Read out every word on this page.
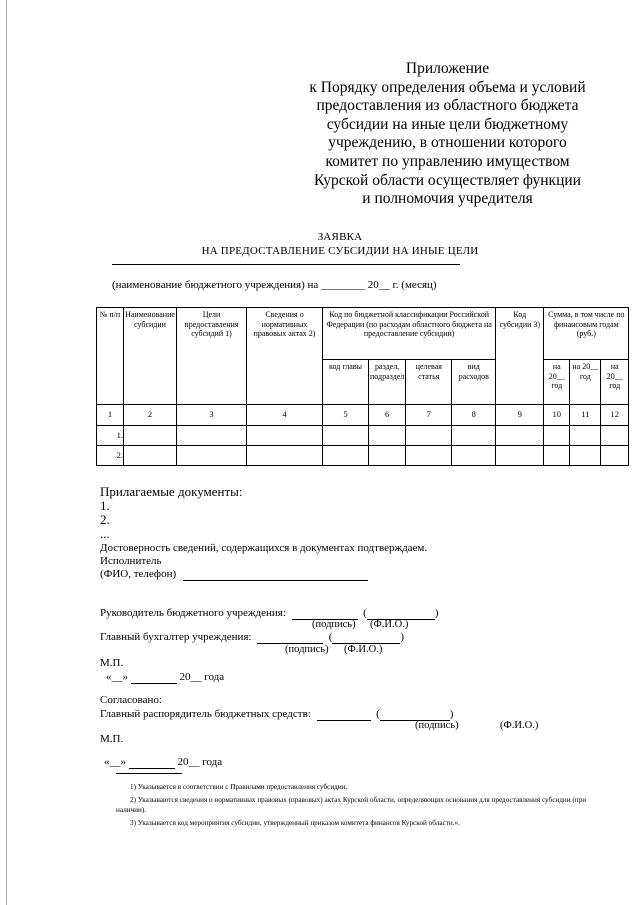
Приложение
к Порядку определения объема и условий
предоставления из областного бюджета
субсидии на иные цели бюджетному
учреждению, в отношении которого
комитет по управлению имуществом
Курской области осуществляет функции
и полномочия учредителя
ЗАЯВКА
НА ПРЕДОСТАВЛЕНИЕ СУБСИДИИ НА ИНЫЕ ЦЕЛИ
(наименование бюджетного учреждения) на ________ 20__ г. (месяц)
№ п/п	Наименование субсидии	Цели предоставления субсидий 1)	Сведения о нормативных правовых актах 2)	Код по бюджетной классификации Российской Федерации (по расходам областного бюджета на предоставление субсидии)				Код субсидии 3)	Сумма, в том числе по финансовым годам (руб.)		
				код главы	раздел, подраздел	целевая статья	вид расходов		на 20__ год	на 20__ год	на 20__ год
1	2	3	4	5	6	7	8	9	10	11	12
1.											
2.											
Прилагаемые документы:
1.
2.
...
Достоверность сведений, содержащихся в документах подтверждаем.
Исполнитель
(ФИО, телефон)
Руководитель бюджетного учреждения:	(	)
(подпись) (Ф.И.О.)
Главный бухгалтер учреждения:	(	)
(подпись) (Ф.И.О.)
М.П.
«__»	20__ года
Согласовано:
Главный распорядитель бюджетных средств:	(	)
(подпись)	(Ф.И.О.)
М.П.
«__»	20__ года
1) Указывается в соответствии с Правилами предоставления субсидии.
2) Указываются сведения о нормативных правовых (правовых) актах Курской области, определяющих основания для предоставления субсидии (при наличии).
3) Указывается код мероприятия субсидии, утвержденный приказом комитета финансов Курской области.».
